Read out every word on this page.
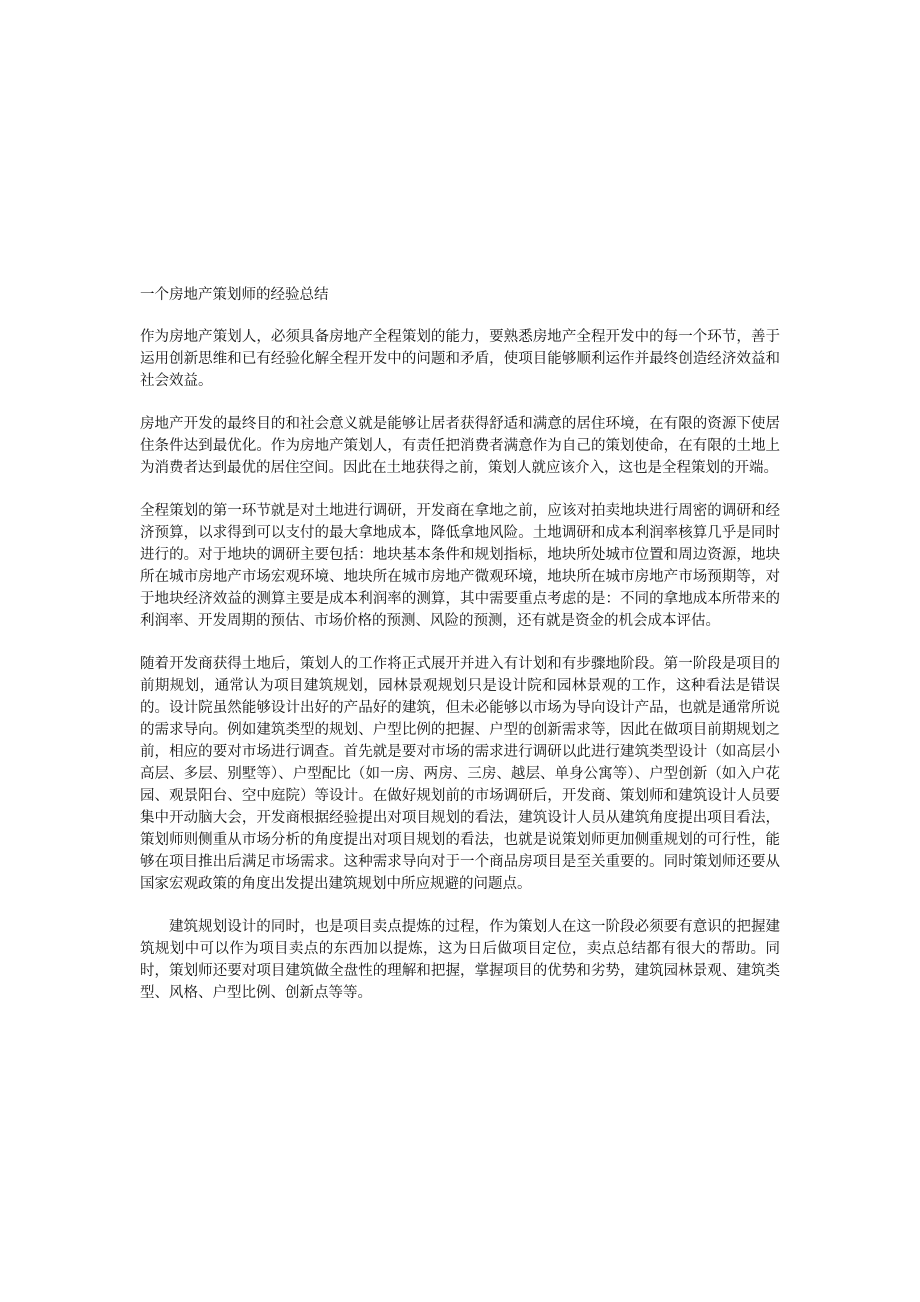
一个房地产策划师的经验总结

作为房地产策划人，必须具备房地产全程策划的能力，要熟悉房地产全程开发中的每一个环节，善于运用创新思维和已有经验化解全程开发中的问题和矛盾，使项目能够顺利运作并最终创造经济效益和社会效益。

房地产开发的最终目的和社会意义就是能够让居者获得舒适和满意的居住环境，在有限的资源下使居住条件达到最优化。作为房地产策划人，有责任把消费者满意作为自己的策划使命，在有限的土地上为消费者达到最优的居住空间。因此在土地获得之前，策划人就应该介入，这也是全程策划的开端。

全程策划的第一环节就是对土地进行调研，开发商在拿地之前，应该对拍卖地块进行周密的调研和经济预算，以求得到可以支付的最大拿地成本，降低拿地风险。土地调研和成本利润率核算几乎是同时进行的。对于地块的调研主要包括：地块基本条件和规划指标，地块所处城市位置和周边资源，地块所在城市房地产市场宏观环境、地块所在城市房地产微观环境，地块所在城市房地产市场预期等，对于地块经济效益的测算主要是成本利润率的测算，其中需要重点考虑的是：不同的拿地成本所带来的利润率、开发周期的预估、市场价格的预测、风险的预测，还有就是资金的机会成本评估。

随着开发商获得土地后，策划人的工作将正式展开并进入有计划和有步骤地阶段。第一阶段是项目的前期规划，通常认为项目建筑规划，园林景观规划只是设计院和园林景观的工作，这种看法是错误的。设计院虽然能够设计出好的产品好的建筑，但未必能够以市场为导向设计产品，也就是通常所说的需求导向。例如建筑类型的规划、户型比例的把握、户型的创新需求等，因此在做项目前期规划之前，相应的要对市场进行调查。首先就是要对市场的需求进行调研以此进行建筑类型设计（如高层小高层、多层、别墅等）、户型配比（如一房、两房、三房、越层、单身公寓等）、户型创新（如入户花园、观景阳台、空中庭院）等设计。在做好规划前的市场调研后，开发商、策划师和建筑设计人员要集中开动脑大会，开发商根据经验提出对项目规划的看法，建筑设计人员从建筑角度提出项目看法，策划师则侧重从市场分析的角度提出对项目规划的看法，也就是说策划师更加侧重规划的可行性，能够在项目推出后满足市场需求。这种需求导向对于一个商品房项目是至关重要的。同时策划师还要从国家宏观政策的角度出发提出建筑规划中所应规避的问题点。

建筑规划设计的同时，也是项目卖点提炼的过程，作为策划人在这一阶段必须要有意识的把握建筑规划中可以作为项目卖点的东西加以提炼，这为日后做项目定位，卖点总结都有很大的帮助。同时，策划师还要对项目建筑做全盘性的理解和把握，掌握项目的优势和劣势，建筑园林景观、建筑类型、风格、户型比例、创新点等等。
